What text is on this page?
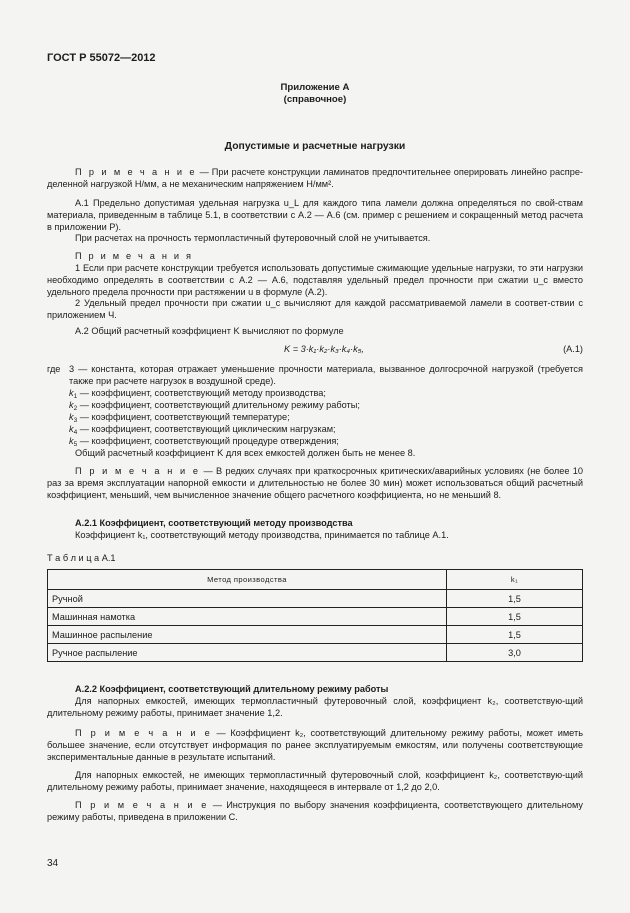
ГОСТ Р 55072—2012
Приложение А
(справочное)
Допустимые и расчетные нагрузки
П р и м е ч а н и е — При расчете конструкции ламинатов предпочтительнее оперировать линейно распре-деленной нагрузкой Н/мм, а не механическим напряжением Н/мм².
А.1 Предельно допустимая удельная нагрузка u_L для каждого типа ламели должна определяться по свой-ствам материала, приведенным в таблице 5.1, в соответствии с А.2 — А.6 (см. пример с решением и сокращенный метод расчета в приложении Р).
При расчетах на прочность термопластичный футеровочный слой не учитывается.
П р и м е ч а н и я
1 Если при расчете конструкции требуется использовать допустимые сжимающие удельные нагрузки, то эти нагрузки необходимо определять в соответствии с А.2 — А.6, подставляя удельный предел прочности при сжатии u_c вместо удельного предела прочности при растяжении u в формуле (А.2).
2 Удельный предел прочности при сжатии u_c вычисляют для каждой рассматриваемой ламели в соответ-ствии с приложением Ч.
А.2 Общий расчетный коэффициент K вычисляют по формуле
K = 3·k₁·k₂·k₃·k₄·k₅,	(А.1)
где 3 — константа, которая отражает уменьшение прочности материала, вызванное долгосрочной нагрузкой (требуется также при расчете нагрузок в воздушной среде).
$k_1$ — коэффициент, соответствующий методу производства;
$k_2$ — коэффициент, соответствующий длительному режиму работы;
$k_3$ — коэффициент, соответствующий температуре;
$k_4$ — коэффициент, соответствующий циклическим нагрузкам;
$k_5$ — коэффициент, соответствующий процедуре отверждения;
Общий расчетный коэффициент K для всех емкостей должен быть не менее 8.
П р и м е ч а н и е — В редких случаях при краткосрочных критических/аварийных условиях (не более 10 раз за время эксплуатации напорной емкости и длительностью не более 30 мин) может использоваться общий расчетный коэффициент, меньший, чем вычисленное значение общего расчетного коэффициента, но не меньший 8.
А.2.1 Коэффициент, соответствующий методу производства
Коэффициент k₁, соответствующий методу производства, принимается по таблице А.1.
Т а б л и ц а А.1
Метод производства	k₁
Ручной	1,5
Машинная намотка	1,5
Машинное распыление	1,5
Ручное распыление	3,0
А.2.2 Коэффициент, соответствующий длительному режиму работы
Для напорных емкостей, имеющих термопластичный футеровочный слой, коэффициент k₂, соответствую-щий длительному режиму работы, принимает значение 1,2.
П р и м е ч а н и е — Коэффициент k₂, соответствующий длительному режиму работы, может иметь большее значение, если отсутствует информация по ранее эксплуатируемым емкостям, или получены соответствующие экспериментальные данные в результате испытаний.
Для напорных емкостей, не имеющих термопластичный футеровочный слой, коэффициент k₂, соответствую-щий длительному режиму работы, принимает значение, находящееся в интервале от 1,2 до 2,0.
П р и м е ч а н и е — Инструкция по выбору значения коэффициента, соответствующего длительному режиму работы, приведена в приложении С.
34
